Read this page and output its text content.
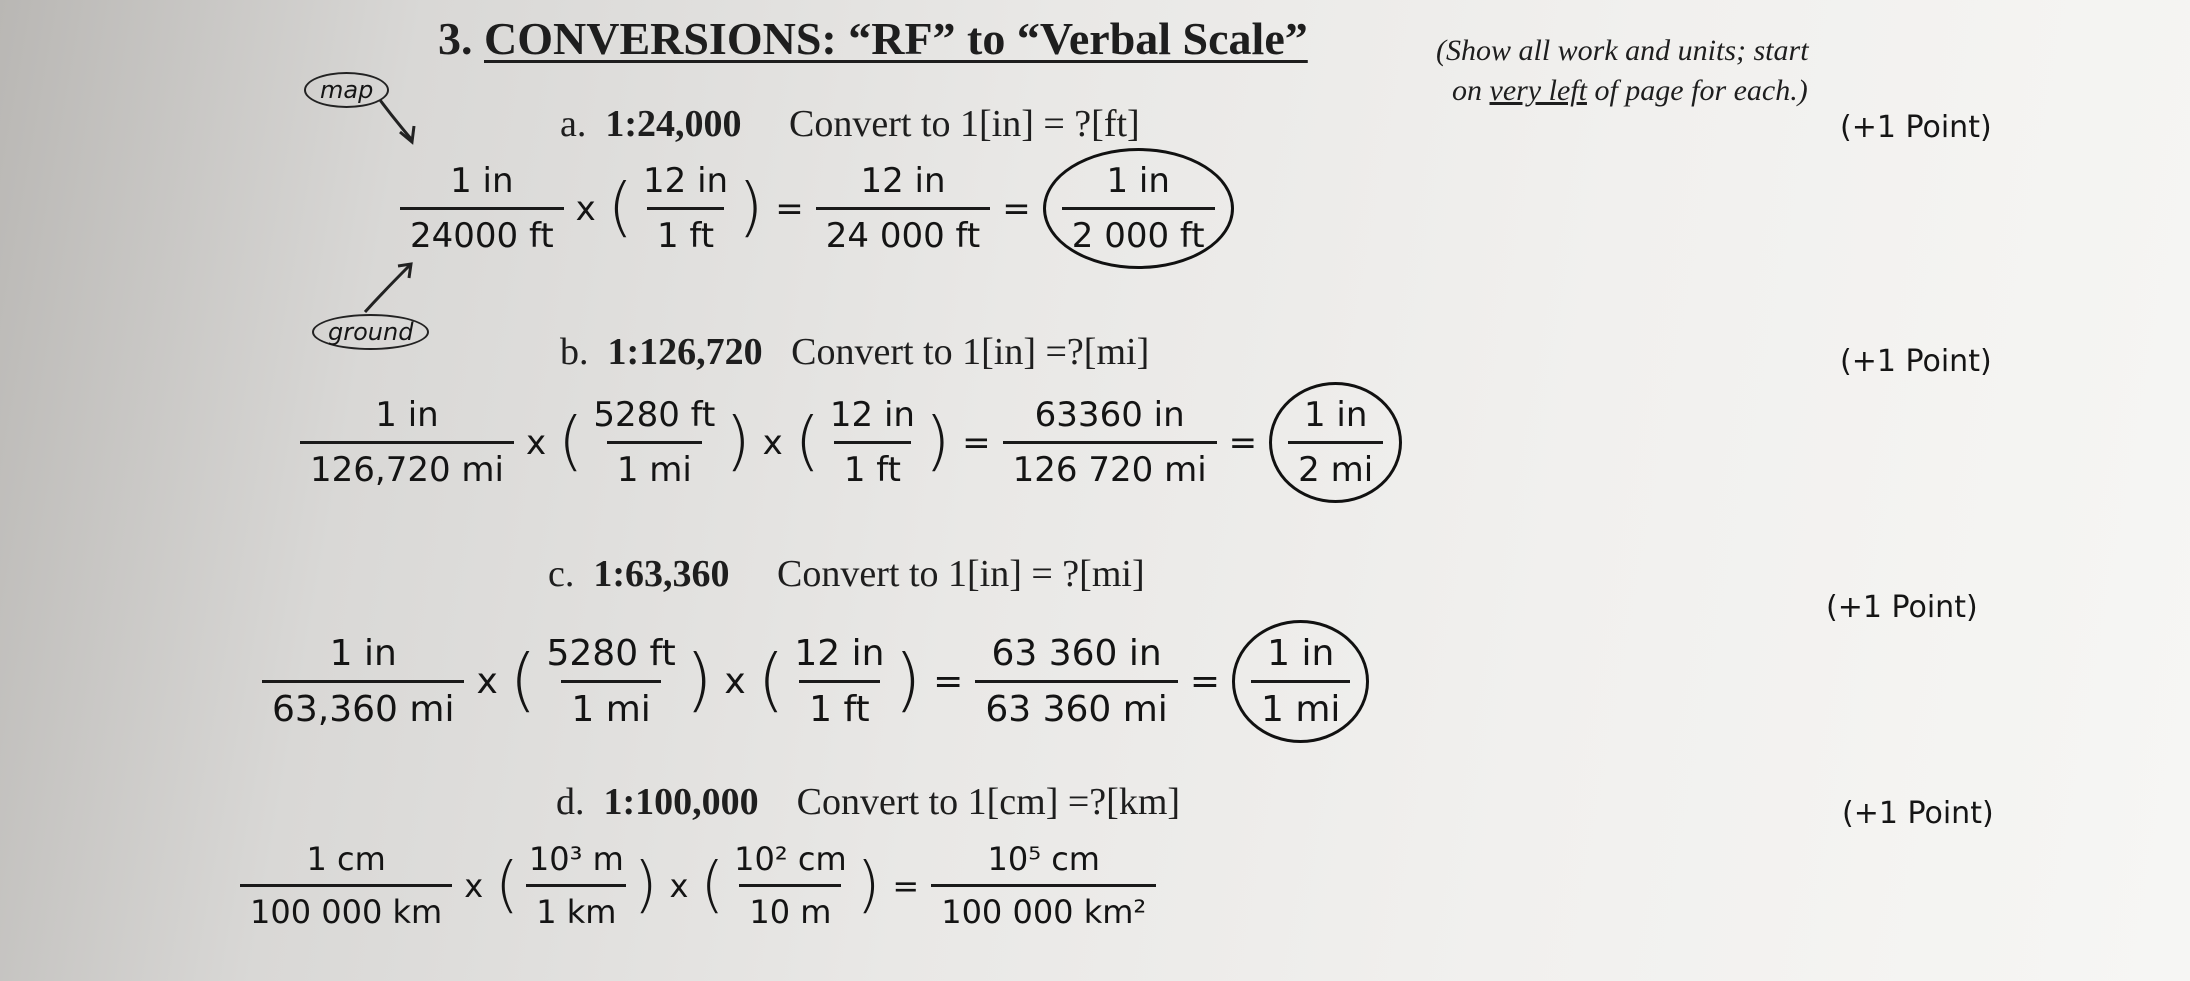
3. CONVERSIONS: “RF” to “Verbal Scale”	(Show all work and units; start
on very left of page for each.)
map
ground
a. 1:24,000 Convert to 1[in] = ?[ft]	(+1 Point)
$\frac{1 in}{24000 ft}$ x ( $\frac{12 in}{1 ft}$ ) = $\frac{12 in}{24 000 ft} = \frac{1 in}{2 000 ft}$
b. 1:126,720 Convert to 1[in] =?[mi]	(+1 Point)
$\frac{1 in}{126,720 mi}$ x ( $\frac{5280 ft}{1 mi}$ ) x ( $\frac{12 in}{1 ft}$ ) = $\frac{63360 in}{126 720 mi} = \frac{1 in}{2 mi}$
c. 1:63,360 Convert to 1[in] = ?[mi]
(+1 Point)
$\frac{1 in}{63,360 mi}$ x ( $\frac{5280 ft}{1 mi}$ ) x ( $\frac{12 in}{1 ft}$ ) = $\frac{63 360 in}{63 360 mi} = \frac{1 in}{1 mi}$
d. 1:100,000 Convert to 1[cm] =?[km]	(+1 Point)
$\frac{1 cm}{100 000 km}$ x ( $\frac{\text{10³ m}}{1 km}$ ) x ( $\frac{\text{10² cm}}{10 m}$ ) = $\frac{\text{10⁵ cm}}{\text{100 000 km²}}$
